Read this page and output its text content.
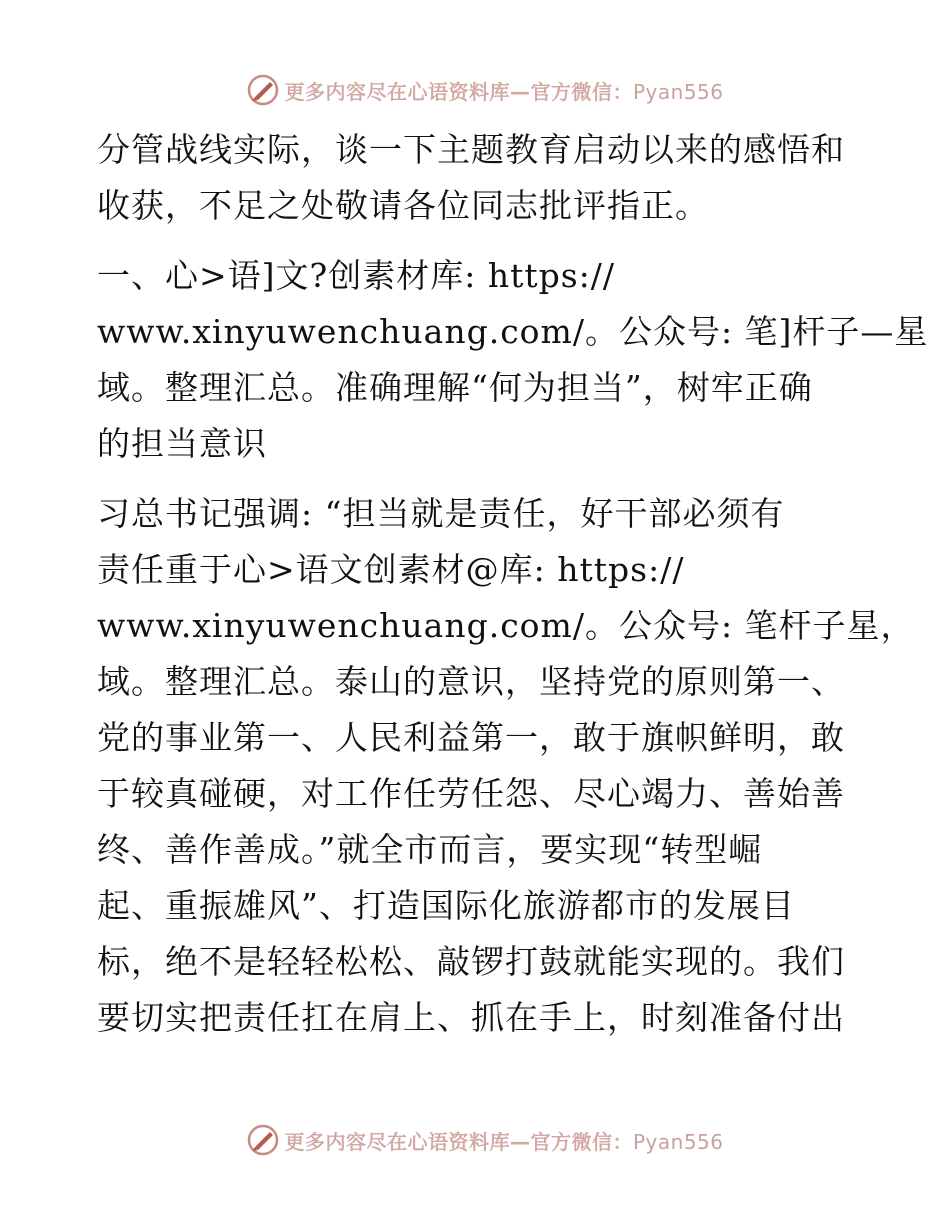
更多内容尽在心语资料库—官方微信：Pyan556
分管战线实际，谈一下主题教育启动以来的感悟和
收获，不足之处敬请各位同志批评指正。
一、心>语]文?创素材库: https://
www.xinyuwenchuang.com/。公众号: 笔]杆子—星
域。整理汇总。准确理解“何为担当”，树牢正确
的担当意识
习总书记强调: “担当就是责任，好干部必须有
责任重于心>语文创素材@库: https://
www.xinyuwenchuang.com/。公众号: 笔杆子星，
域。整理汇总。泰山的意识，坚持党的原则第一、
党的事业第一、人民利益第一，敢于旗帜鲜明，敢
于较真碰硬，对工作任劳任怨、尽心竭力、善始善
终、善作善成。”就全市而言，要实现“转型崛
起、重振雄风”、打造国际化旅游都市的发展目
标，绝不是轻轻松松、敲锣打鼓就能实现的。我们
要切实把责任扛在肩上、抓在手上，时刻准备付出
更多内容尽在心语资料库—官方微信：Pyan556
